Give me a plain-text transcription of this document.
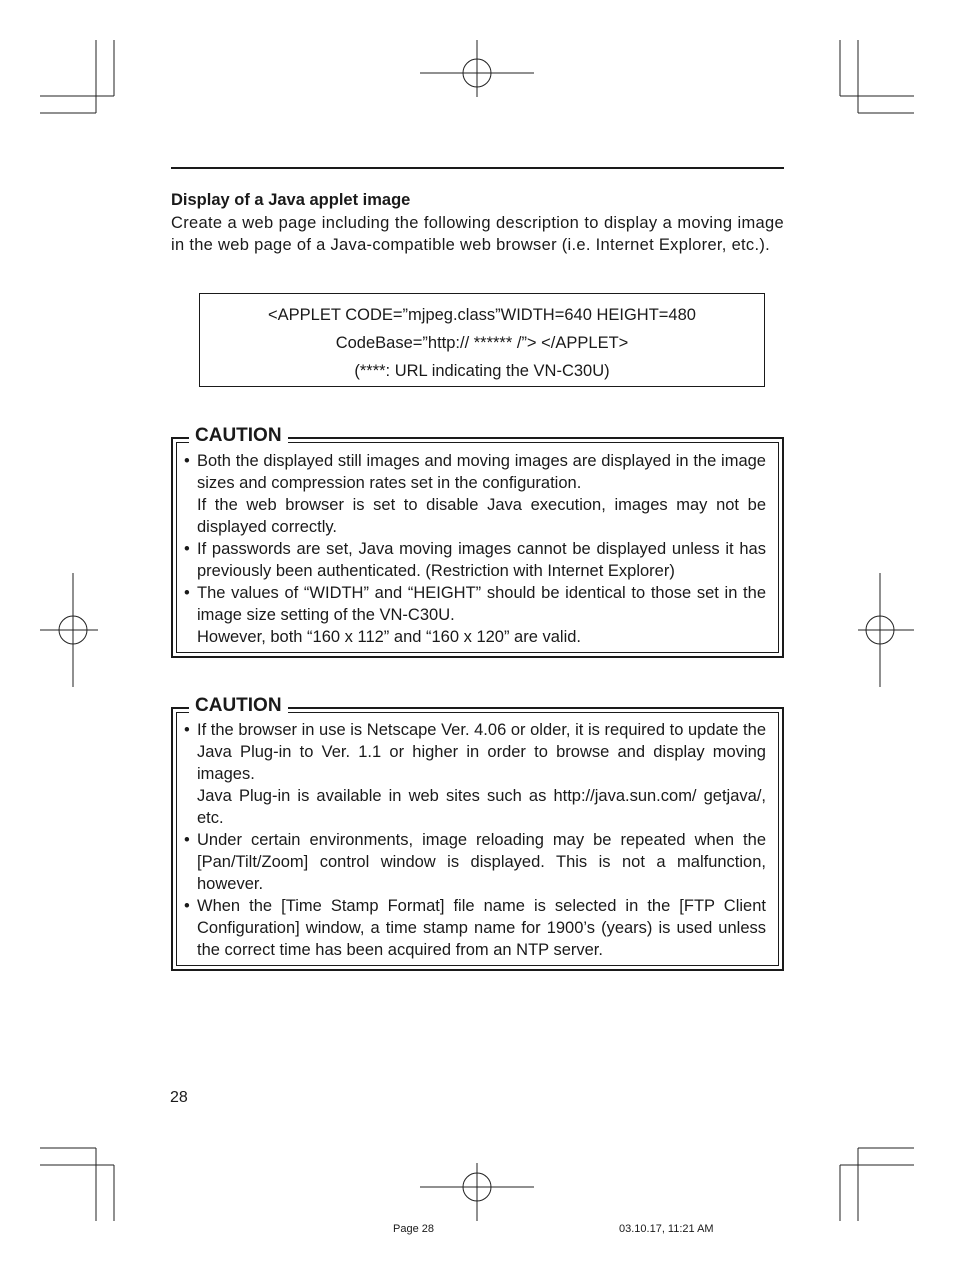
Display of a Java applet image
Create a web page including the following description to display a moving image in the web page of a Java-compatible web browser (i.e. Internet Explorer, etc.).
<APPLET CODE=”mjpeg.class”WIDTH=640 HEIGHT=480
CodeBase=”http:// ****** /”> </APPLET>
(****: URL indicating the VN-C30U)
CAUTION

• Both the displayed still images and moving images are displayed in the image sizes and compression rates set in the configuration.

If the web browser is set to disable Java execution, images may not be displayed correctly.

• If passwords are set, Java moving images cannot be displayed unless it has previously been authenticated. (Restriction with Internet Explorer)

• The values of “WIDTH” and “HEIGHT” should be identical to those set in the image size setting of the VN-C30U.

However, both “160 x 112” and “160 x 120” are valid.

CAUTION

• If the browser in use is Netscape Ver. 4.06 or older, it is required to update the Java Plug-in to Ver. 1.1 or higher in order to browse and display moving images.

Java Plug-in is available in web sites such as http://java.sun.com/ getjava/, etc.

• Under certain environments, image reloading may be repeated when the [Pan/Tilt/Zoom] control window is displayed. This is not a malfunction, however.

• When the [Time Stamp Format] file name is selected in the [FTP Client Configuration] window, a time stamp name for 1900’s (years) is used unless the correct time has been acquired from an NTP server.

28
Page 28	03.10.17, 11:21 AM
